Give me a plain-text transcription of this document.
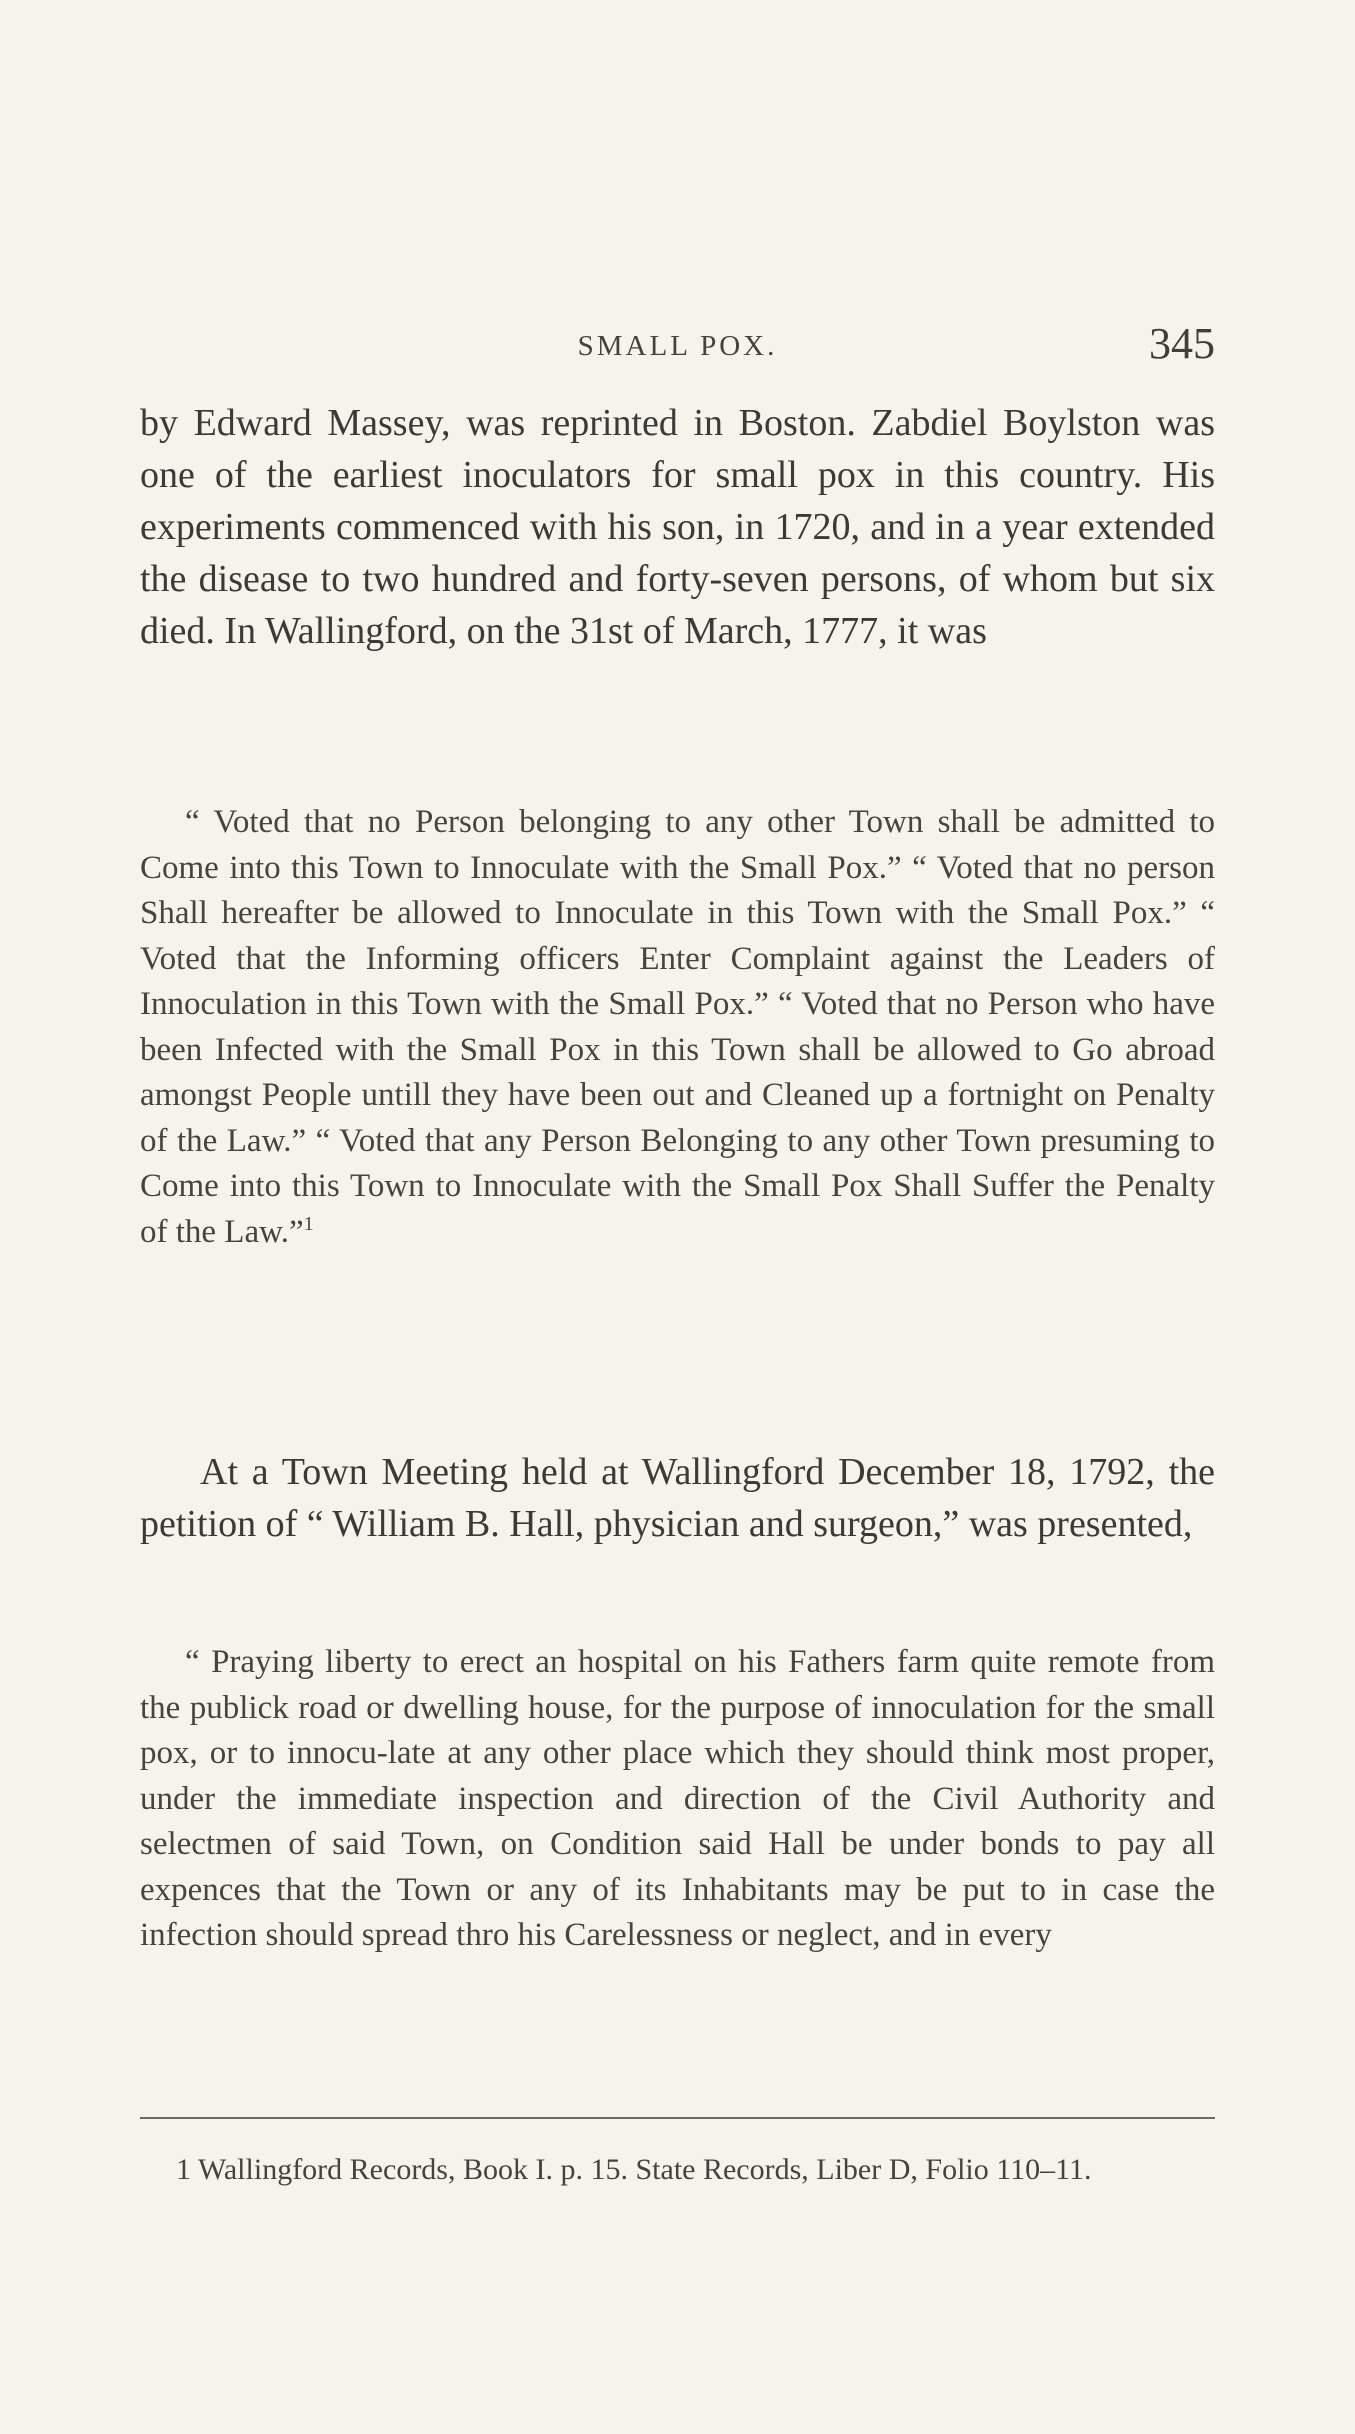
SMALL POX.	345

by Edward Massey, was reprinted in Boston. Zabdiel Boylston was one of the earliest inoculators for small pox in this country. His experiments commenced with his son, in 1720, and in a year extended the disease to two hundred and forty-seven persons, of whom but six died. In Wallingford, on the 31st of March, 1777, it was

“ Voted that no Person belonging to any other Town shall be admitted to Come into this Town to Innoculate with the Small Pox.” “ Voted that no person Shall hereafter be allowed to Innoculate in this Town with the Small Pox.” “ Voted that the Informing officers Enter Complaint against the Leaders of Innoculation in this Town with the Small Pox.” “ Voted that no Person who have been Infected with the Small Pox in this Town shall be allowed to Go abroad amongst People untill they have been out and Cleaned up a fortnight on Penalty of the Law.” “ Voted that any Person Belonging to any other Town presuming to Come into this Town to Innoculate with the Small Pox Shall Suffer the Penalty of the Law.”$^1$

At a Town Meeting held at Wallingford December 18, 1792, the petition of “ William B. Hall, physician and surgeon,” was presented,

“ Praying liberty to erect an hospital on his Fathers farm quite remote from the publick road or dwelling house, for the purpose of innoculation for the small pox, or to innocu-late at any other place which they should think most proper, under the immediate inspection and direction of the Civil Authority and selectmen of said Town, on Condition said Hall be under bonds to pay all expences that the Town or any of its Inhabitants may be put to in case the infection should spread thro his Carelessness or neglect, and in every

1 Wallingford Records, Book I. p. 15. State Records, Liber D, Folio 110–11.
